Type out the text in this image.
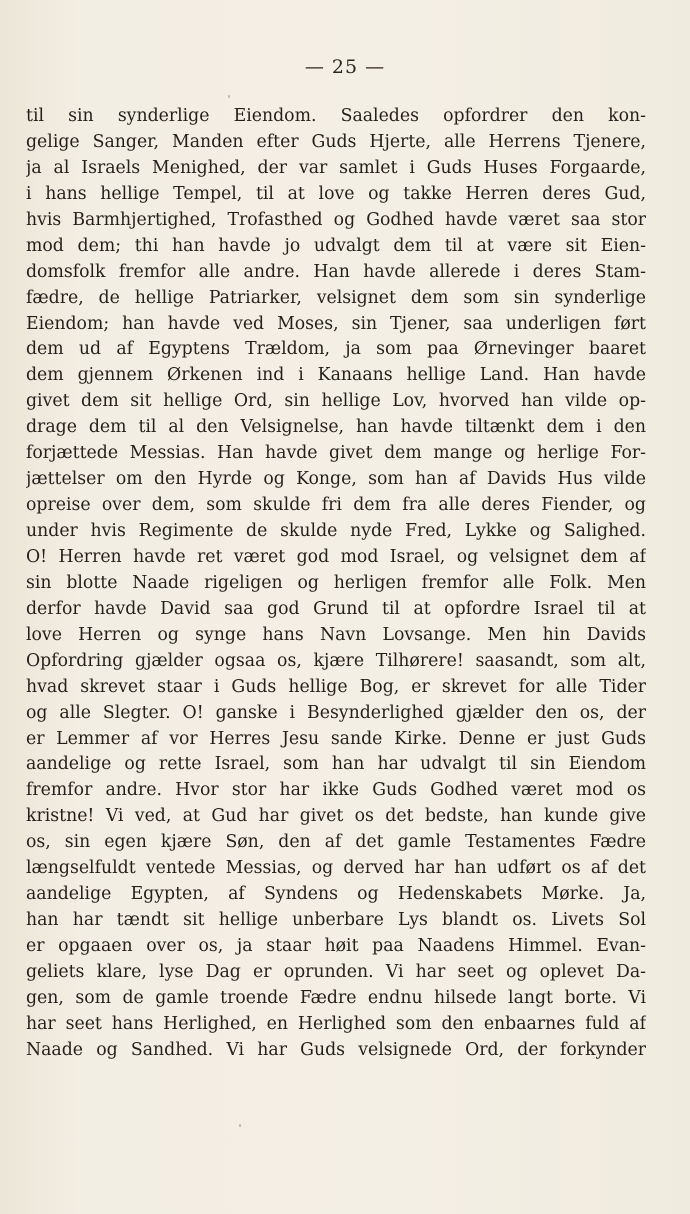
— 25 —
til sin synderlige Eiendom. Saaledes opfordrer den kon-
gelige Sanger, Manden efter Guds Hjerte, alle Herrens Tjenere,
ja al Israels Menighed, der var samlet i Guds Huses Forgaarde,
i hans hellige Tempel, til at love og takke Herren deres Gud,
hvis Barmhjertighed, Trofasthed og Godhed havde været saa stor
mod dem; thi han havde jo udvalgt dem til at være sit Eien-
domsfolk fremfor alle andre. Han havde allerede i deres Stam-
fædre, de hellige Patriarker, velsignet dem som sin synderlige
Eiendom; han havde ved Moses, sin Tjener, saa underligen ført
dem ud af Egyptens Trældom, ja som paa Ørnevinger baaret
dem gjennem Ørkenen ind i Kanaans hellige Land. Han havde
givet dem sit hellige Ord, sin hellige Lov, hvorved han vilde op-
drage dem til al den Velsignelse, han havde tiltænkt dem i den
forjættede Messias. Han havde givet dem mange og herlige For-
jættelser om den Hyrde og Konge, som han af Davids Hus vilde
opreise over dem, som skulde fri dem fra alle deres Fiender, og
under hvis Regimente de skulde nyde Fred, Lykke og Salighed.
O! Herren havde ret været god mod Israel, og velsignet dem af
sin blotte Naade rigeligen og herligen fremfor alle Folk. Men
derfor havde David saa god Grund til at opfordre Israel til at
love Herren og synge hans Navn Lovsange. Men hin Davids
Opfordring gjælder ogsaa os, kjære Tilhørere! saasandt, som alt,
hvad skrevet staar i Guds hellige Bog, er skrevet for alle Tider
og alle Slegter. O! ganske i Besynderlighed gjælder den os, der
er Lemmer af vor Herres Jesu sande Kirke. Denne er just Guds
aandelige og rette Israel, som han har udvalgt til sin Eiendom
fremfor andre. Hvor stor har ikke Guds Godhed været mod os
kristne! Vi ved, at Gud har givet os det bedste, han kunde give
os, sin egen kjære Søn, den af det gamle Testamentes Fædre
længselfuldt ventede Messias, og derved har han udført os af det
aandelige Egypten, af Syndens og Hedenskabets Mørke. Ja,
han har tændt sit hellige unberbare Lys blandt os. Livets Sol
er opgaaen over os, ja staar høit paa Naadens Himmel. Evan-
geliets klare, lyse Dag er oprunden. Vi har seet og oplevet Da-
gen, som de gamle troende Fædre endnu hilsede langt borte. Vi
har seet hans Herlighed, en Herlighed som den enbaarnes fuld af
Naade og Sandhed. Vi har Guds velsignede Ord, der forkynder
